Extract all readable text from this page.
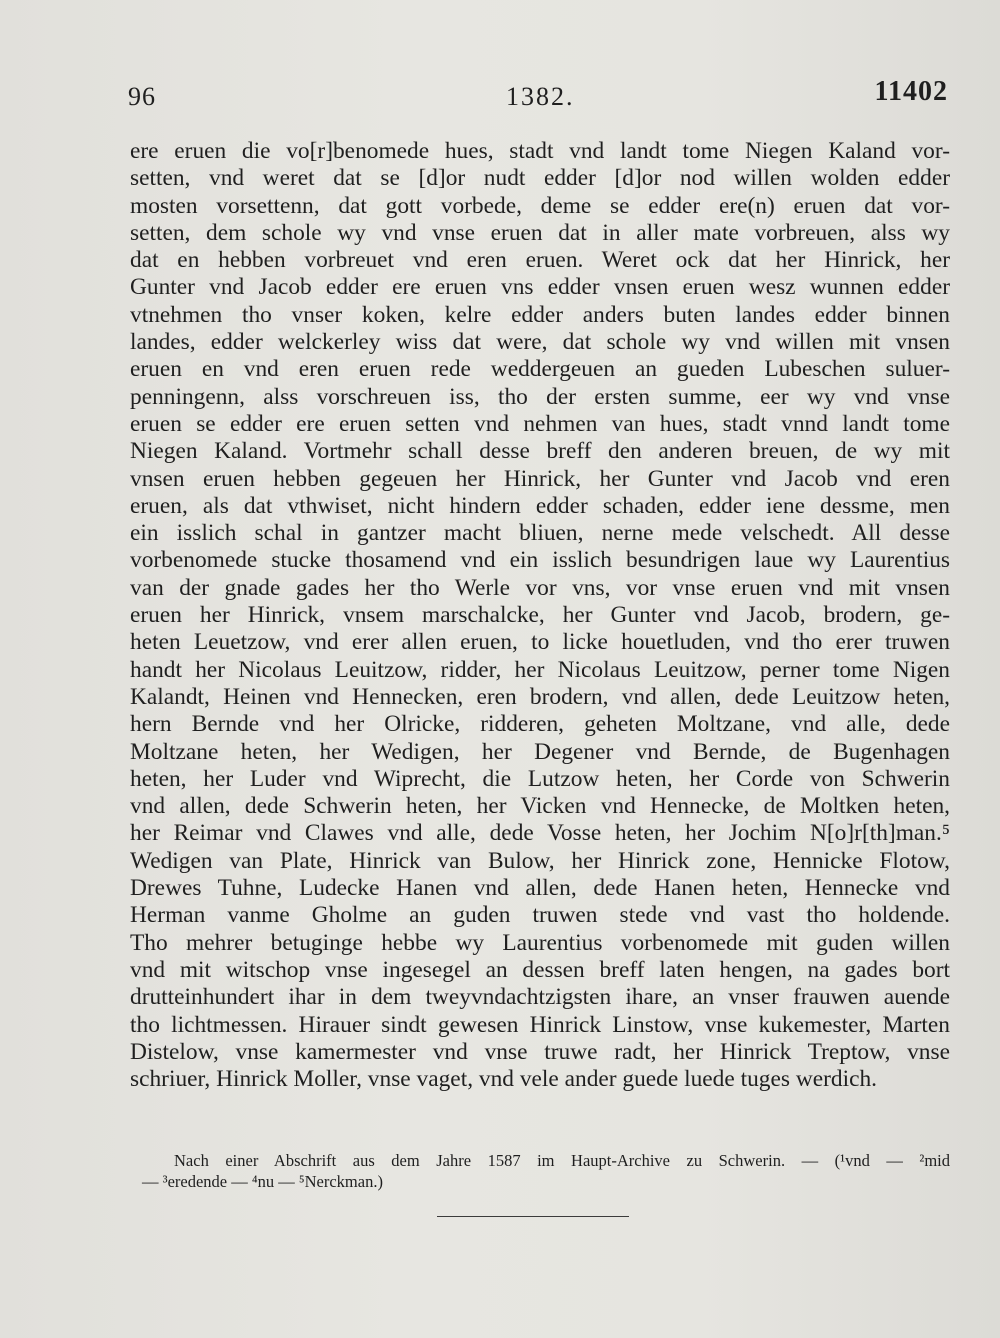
96	1382.	11402
ere eruen die vo[r]benomede hues, stadt vnd landt tome Niegen Kaland vor-
setten, vnd weret dat se [d]or nudt edder [d]or nod willen wolden edder
mosten vorsettenn, dat gott vorbede, deme se edder ere(n) eruen dat vor-
setten, dem schole wy vnd vnse eruen dat in aller mate vorbreuen, alss wy
dat en hebben vorbreuet vnd eren eruen. Weret ock dat her Hinrick, her
Gunter vnd Jacob edder ere eruen vns edder vnsen eruen wesz wunnen edder
vtnehmen tho vnser koken, kelre edder anders buten landes edder binnen
landes, edder welckerley wiss dat were, dat schole wy vnd willen mit vnsen
eruen en vnd eren eruen rede weddergeuen an gueden Lubeschen suluer-
penningenn, alss vorschreuen iss, tho der ersten summe, eer wy vnd vnse
eruen se edder ere eruen setten vnd nehmen van hues, stadt vnnd landt tome
Niegen Kaland. Vortmehr schall desse breff den anderen breuen, de wy mit
vnsen eruen hebben gegeuen her Hinrick, her Gunter vnd Jacob vnd eren
eruen, als dat vthwiset, nicht hindern edder schaden, edder iene dessme, men
ein isslich schal in gantzer macht bliuen, nerne mede velschedt. All desse
vorbenomede stucke thosamend vnd ein isslich besundrigen laue wy Laurentius
van der gnade gades her tho Werle vor vns, vor vnse eruen vnd mit vnsen
eruen her Hinrick, vnsem marschalcke, her Gunter vnd Jacob, brodern, ge-
heten Leuetzow, vnd erer allen eruen, to licke houetluden, vnd tho erer truwen
handt her Nicolaus Leuitzow, ridder, her Nicolaus Leuitzow, perner tome Nigen
Kalandt, Heinen vnd Hennecken, eren brodern, vnd allen, dede Leuitzow heten,
hern Bernde vnd her Olricke, ridderen, geheten Moltzane, vnd alle, dede
Moltzane heten, her Wedigen, her Degener vnd Bernde, de Bugenhagen
heten, her Luder vnd Wiprecht, die Lutzow heten, her Corde von Schwerin
vnd allen, dede Schwerin heten, her Vicken vnd Hennecke, de Moltken heten,
her Reimar vnd Clawes vnd alle, dede Vosse heten, her Jochim N[o]r[th]man.⁵
Wedigen van Plate, Hinrick van Bulow, her Hinrick zone, Hennicke Flotow,
Drewes Tuhne, Ludecke Hanen vnd allen, dede Hanen heten, Hennecke vnd
Herman vanme Gholme an guden truwen stede vnd vast tho holdende.
Tho mehrer betuginge hebbe wy Laurentius vorbenomede mit guden willen
vnd mit witschop vnse ingesegel an dessen breff laten hengen, na gades bort
drutteinhundert ihar in dem tweyvndachtzigsten ihare, an vnser frauwen auende
tho lichtmessen. Hirauer sindt gewesen Hinrick Linstow, vnse kukemester, Marten
Distelow, vnse kamermester vnd vnse truwe radt, her Hinrick Treptow, vnse
schriuer, Hinrick Moller, vnse vaget, vnd vele ander guede luede tuges werdich.
Nach einer Abschrift aus dem Jahre 1587 im Haupt-Archive zu Schwerin. — (¹vnd — ²mid
— ³eredende — ⁴nu — ⁵Nerckman.)
